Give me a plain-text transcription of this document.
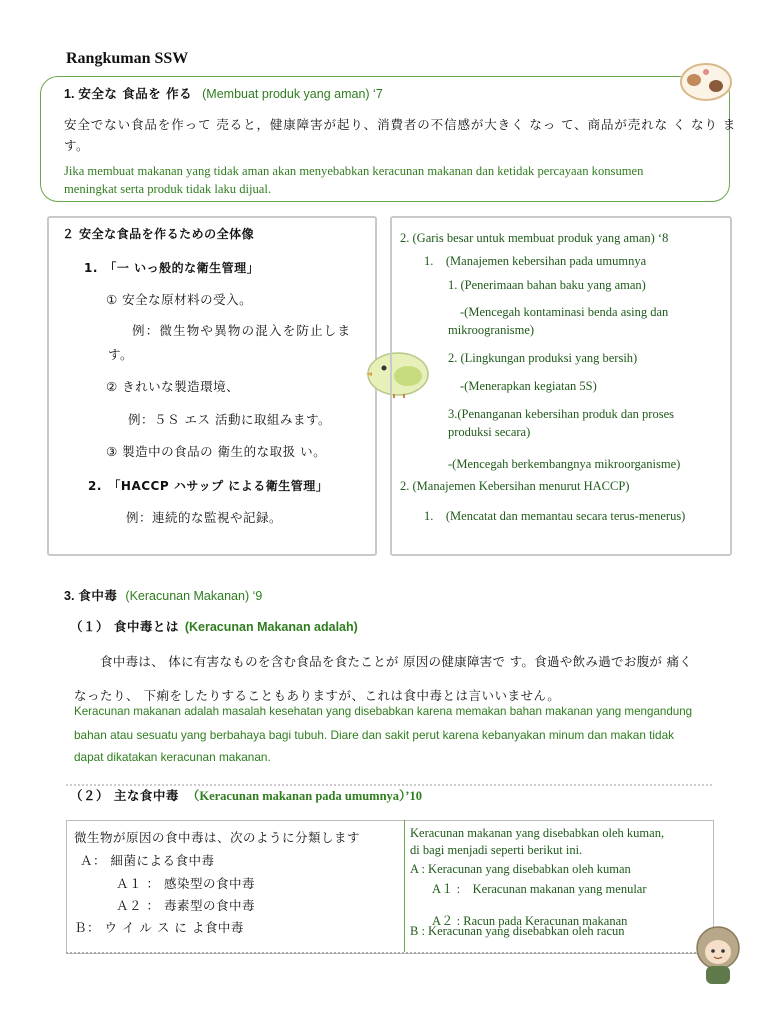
Rangkuman SSW
1. 安全な 食品を 作る (Membuat produk yang aman) ‘7
安全でない食品を作って 売ると，健康障害が起り、消費者の不信感が大きく なっ て、商品が売れな く なり ま
す。
Jika membuat makanan yang tidak aman akan menyebabkan keracunan makanan dan ketidak percayaan konsumen
meningkat serta produk tidak laku dijual.
２ 安全な食品を作るための全体像
1.　「一 いっ般的な衛生管理」
① 安全な原材料の受入。
例：微生物や異物の混入を防止しま
す。
② きれいな製造環境、
例：５Ｓ エス 活動に取組みます。
③ 製造中の食品の 衛生的な取扱 い。
2.　「HACCP ハサップ による衛生管理」
例：連続的な監視や記録。
2. (Garis besar untuk membuat produk yang aman) ‘8
1.　(Manajemen kebersihan pada umumnya
1. (Penerimaan bahan baku yang aman)
-(Mencegah kontaminasi benda asing dan
mikroogranisme)
2. (Lingkungan produksi yang bersih)
-(Menerapkan kegiatan 5S)
3.(Penanganan kebersihan produk dan proses
produksi secara)
-(Mencegah berkembangnya mikroorganisme)
2. (Manajemen Kebersihan menurut HACCP)
1.　(Mencatat dan memantau secara terus-menerus)
3. 食中毒 (Keracunan Makanan) ‘9
（１） 食中毒とは (Keracunan Makanan adalah)
食中毒は、 体に有害なものを含む食品を食たことが 原因の健康障害で す。食過や飲み過でお腹が 痛く
なったり、 下痢をしたりすることもありますが、これは食中毒とは言いいません。
Keracunan makanan adalah masalah kesehatan yang disebabkan karena memakan bahan makanan yang mengandung
bahan atau sesuatu yang berbahaya bagi tubuh. Diare dan sakit perut karena kebanyakan minum dan makan tidak
dapat dikatakan keracunan makanan.
（２） 主な食中毒 （Keracunan makanan pada umumnya）’10
微生物が原因の食中毒は、次のように分類します
Ａ： 細菌による食中毒
Ａ１ ： 感染型の食中毒
Ａ２ ： 毒素型の食中毒
Ｂ： ウ イ ル ス に よ食中毒
Keracunan makanan yang disebabkan oleh kuman,
di bagi menjadi seperti berikut ini.
A : Keracunan yang disebabkan oleh kuman
A１ :　Keracunan makanan yang menular
A２ : Racun pada Keracunan makanan
B : Keracunan yang disebabkan oleh racun
